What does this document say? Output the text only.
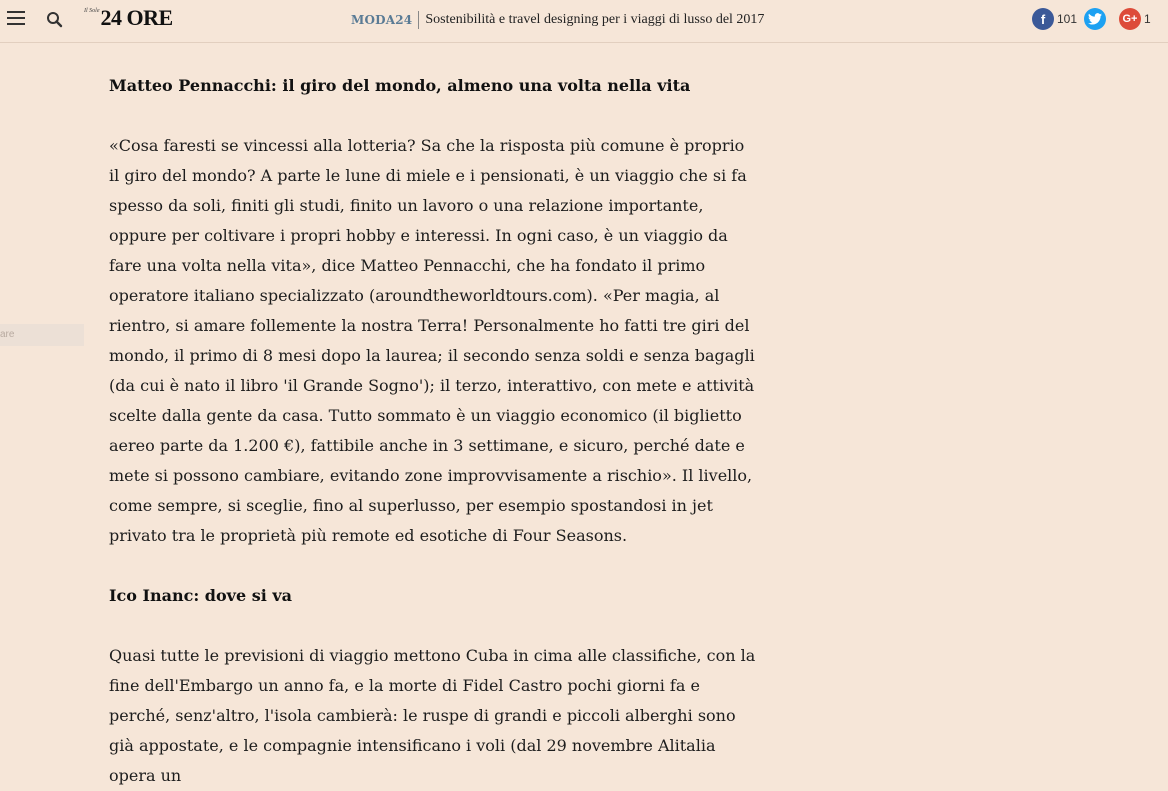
Il Sole 24 ORE	MODA24 Sostenibilità e travel designing per i viaggi di lusso del 2017	f 101	G+ 1
are
Matteo Pennacchi: il giro del mondo, almeno una volta nella vita

«Cosa faresti se vincessi alla lotteria? Sa che la risposta più comune è proprio il giro del mondo? A parte le lune di miele e i pensionati, è un viaggio che si fa spesso da soli, finiti gli studi, finito un lavoro o una relazione importante, oppure per coltivare i propri hobby e interessi. In ogni caso, è un viaggio da fare una volta nella vita», dice Matteo Pennacchi, che ha fondato il primo operatore italiano specializzato (aroundtheworldtours.com). «Per magia, al rientro, si amare follemente la nostra Terra! Personalmente ho fatti tre giri del mondo, il primo di 8 mesi dopo la laurea; il secondo senza soldi e senza bagagli (da cui è nato il libro 'il Grande Sogno'); il terzo, interattivo, con mete e attività scelte dalla gente da casa. Tutto sommato è un viaggio economico (il biglietto aereo parte da 1.200 €), fattibile anche in 3 settimane, e sicuro, perché date e mete si possono cambiare, evitando zone improvvisamente a rischio». Il livello, come sempre, si sceglie, fino al superlusso, per esempio spostandosi in jet privato tra le proprietà più remote ed esotiche di Four Seasons.

Ico Inanc: dove si va

Quasi tutte le previsioni di viaggio mettono Cuba in cima alle classifiche, con la fine dell'Embargo un anno fa, e la morte di Fidel Castro pochi giorni fa e perché, senz'altro, l'isola cambierà: le ruspe di grandi e piccoli alberghi sono già appostate, e le compagnie intensificano i voli (dal 29 novembre Alitalia opera un
